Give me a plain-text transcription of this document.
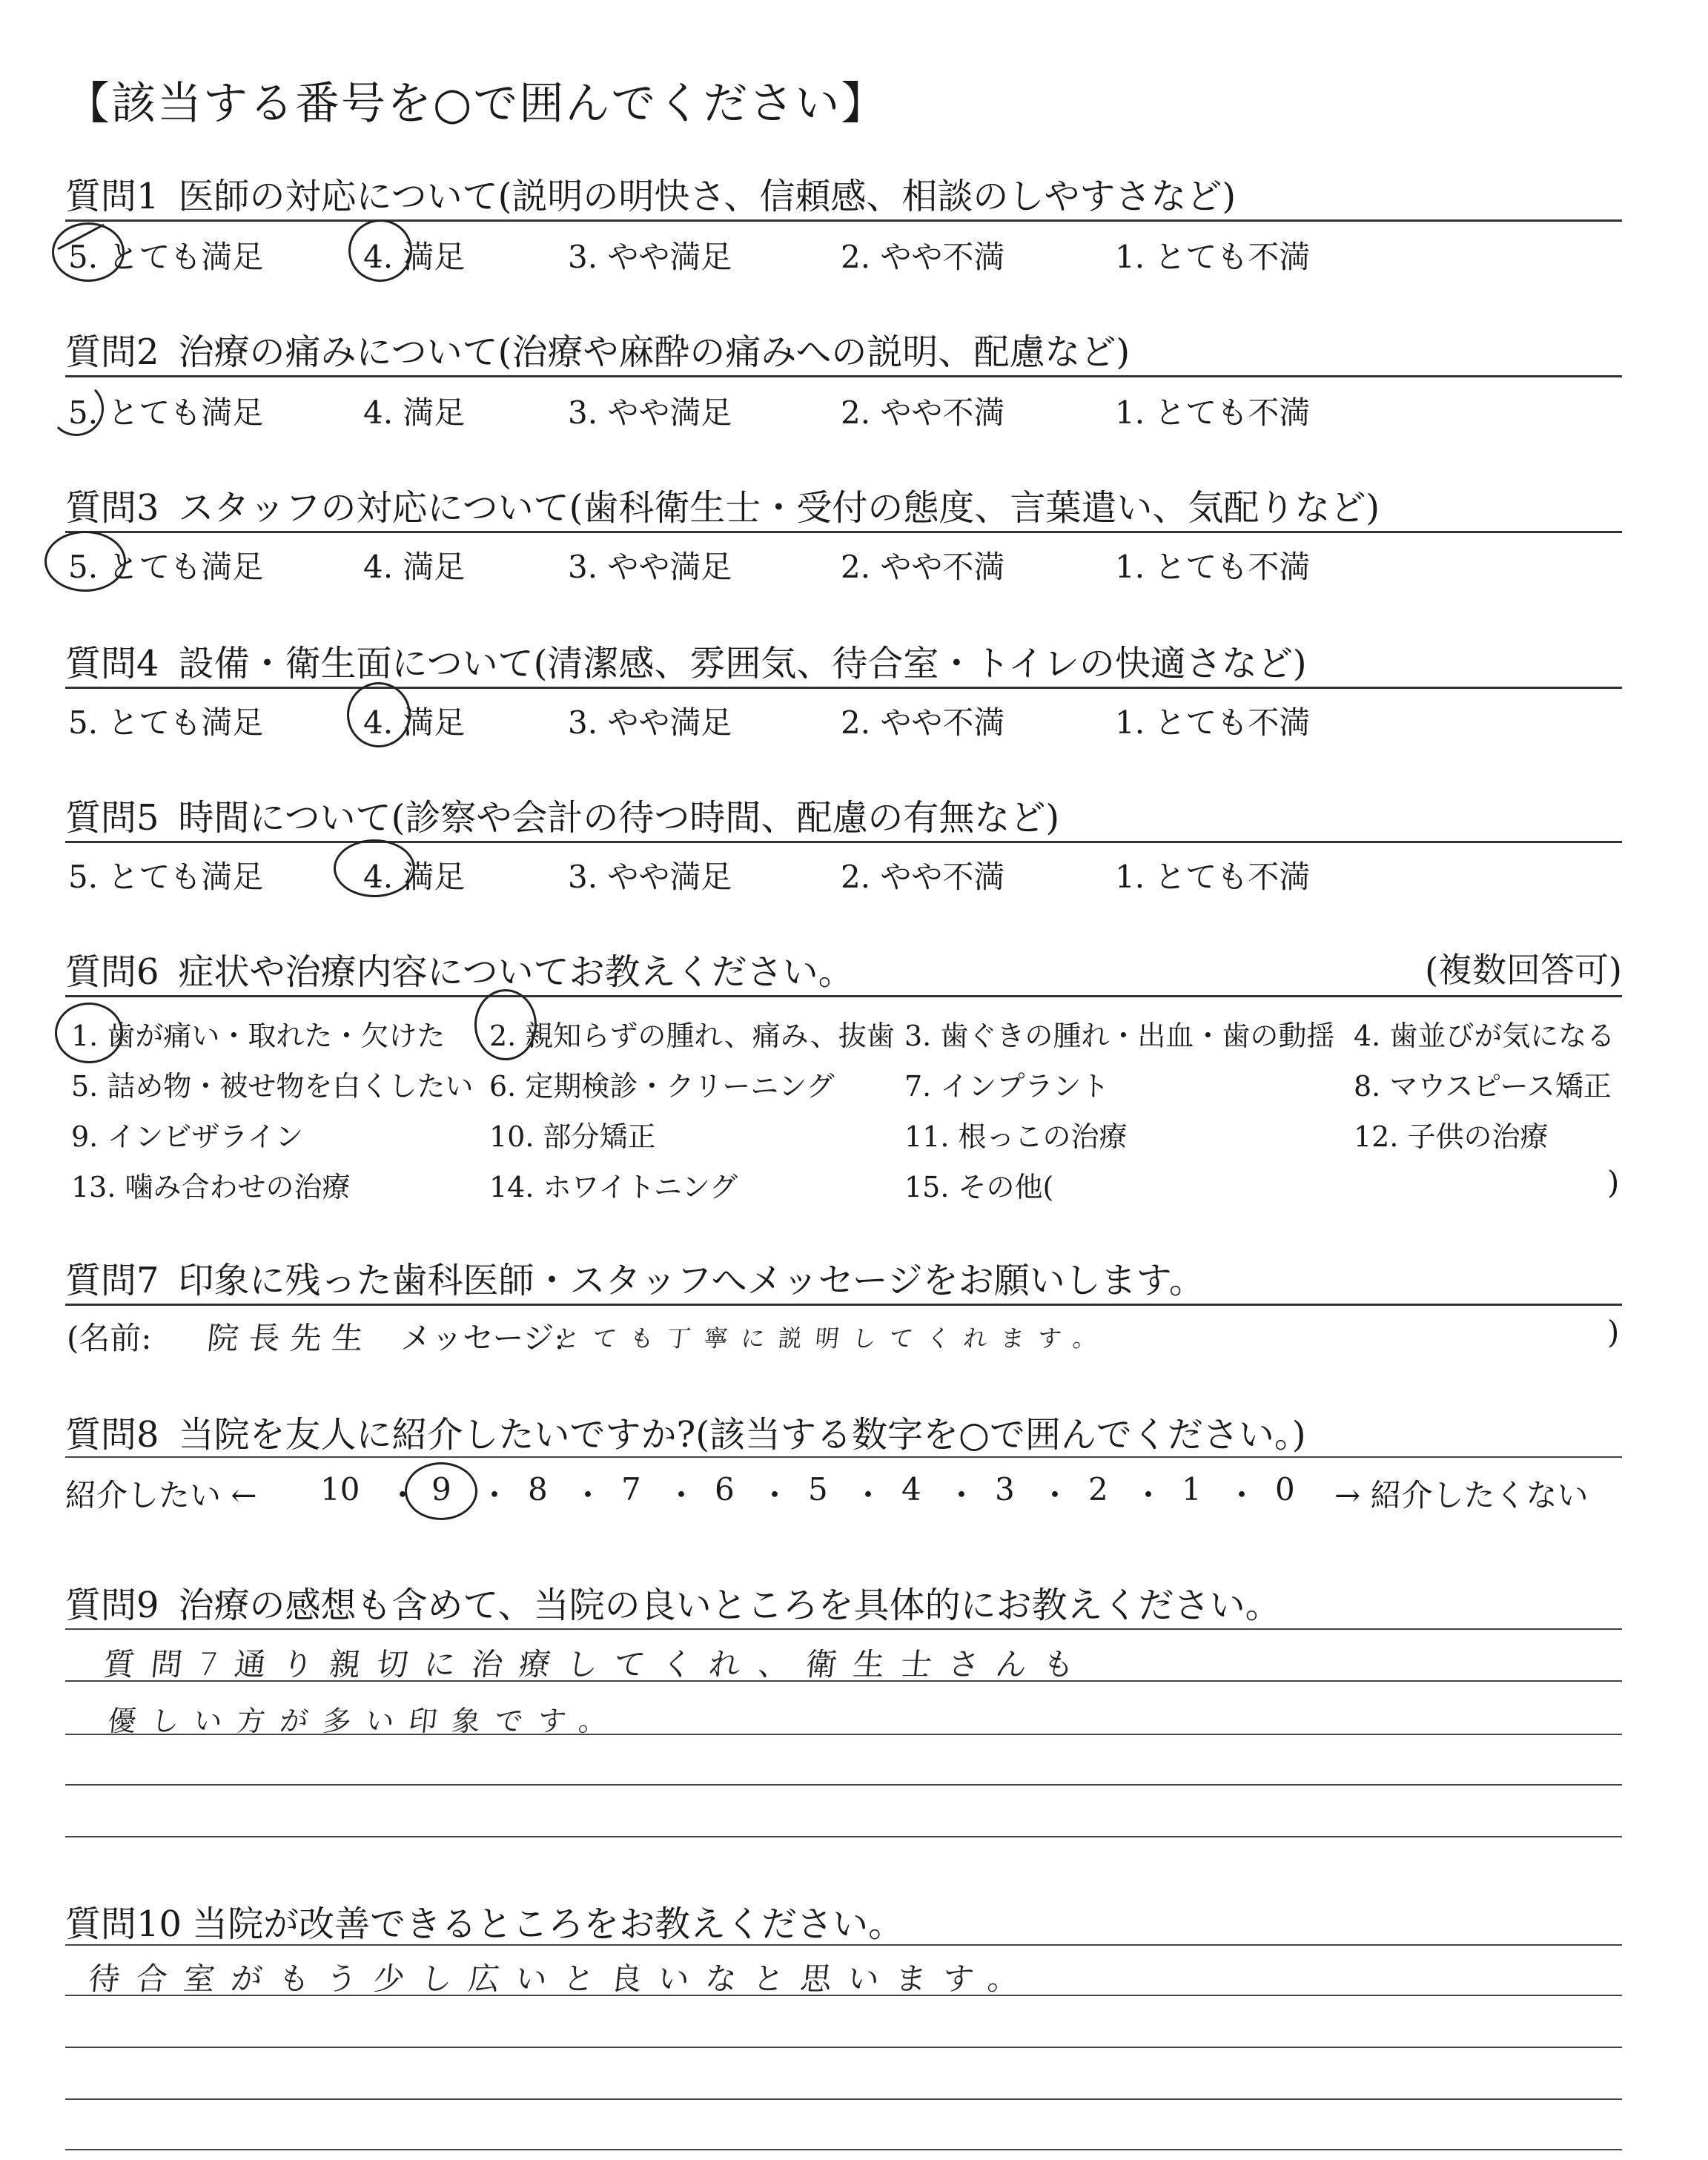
【該当する番号を○で囲んでください】
質問1 医師の対応について(説明の明快さ、信頼感、相談のしやすさなど)
5. とても満足	4. 満足	3. やや満足	2. やや不満	1. とても不満
質問2 治療の痛みについて(治療や麻酔の痛みへの説明、配慮など)
5. とても満足	4. 満足	3. やや満足	2. やや不満	1. とても不満
質問3 スタッフの対応について(歯科衛生士・受付の態度、言葉遣い、気配りなど)
5. とても満足	4. 満足	3. やや満足	2. やや不満	1. とても不満
質問4 設備・衛生面について(清潔感、雰囲気、待合室・トイレの快適さなど)
5. とても満足	4. 満足	3. やや満足	2. やや不満	1. とても不満
質問5 時間について(診察や会計の待つ時間、配慮の有無など)
5. とても満足	4. 満足	3. やや満足	2. やや不満	1. とても不満
質問6 症状や治療内容についてお教えください。	(複数回答可)
1. 歯が痛い・取れた・欠けた 2. 親知らずの腫れ、痛み、抜歯 3. 歯ぐきの腫れ・出血・歯の動揺 4. 歯並びが気になる
5. 詰め物・被せ物を白くしたい 6. 定期検診・クリーニング 7. インプラント	8. マウスピース矯正
9. インビザライン	10. 部分矯正	11. 根っこの治療	12. 子供の治療
13. 噛み合わせの治療	14. ホワイトニング	15. その他(	)
質問7 印象に残った歯科医師・スタッフへメッセージをお願いします。
(名前: 院長先生 メッセージ:
とても丁寧に説明してくれます。	)
質問8 当院を友人に紹介したいですか?(該当する数字を○で囲んでください。)
紹介したい ← 10 ・ 9 ・ 8 ・ 7 ・ 6 ・ 5 ・ 4 ・ 3 ・ 2 ・ 1 ・ 0 → 紹介したくない
質問9 治療の感想も含めて、当院の良いところを具体的にお教えください。
質問7通り親切に治療してくれ、衛生士さんも
優しい方が多い印象です。
質問10 当院が改善できるところをお教えください。
待合室がもう少し広いと良いなと思います。
